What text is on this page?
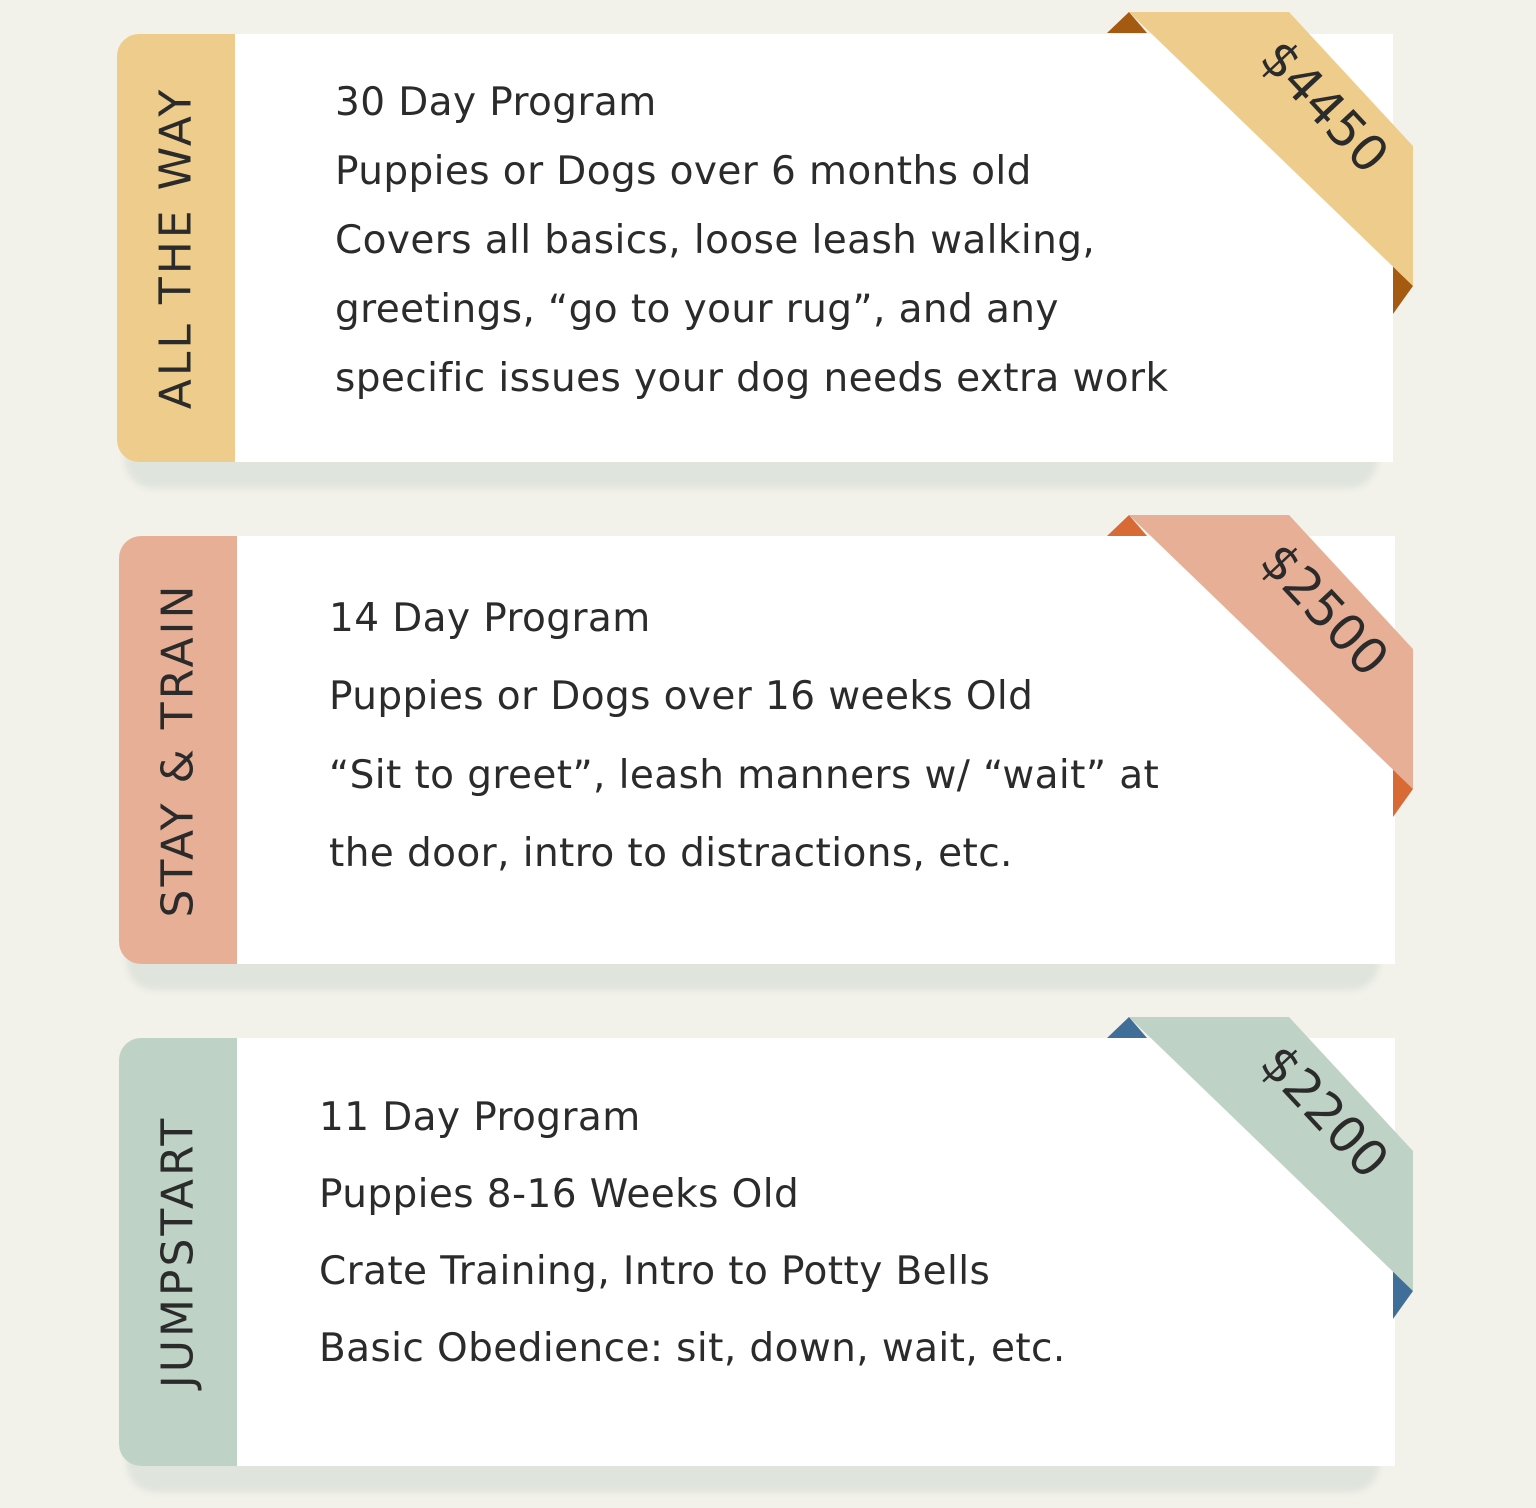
ALL THE WAY	30 Day Program
Puppies or Dogs over 6 months old
Covers all basics, loose leash walking,
greetings, “go to your rug”, and any
specific issues your dog needs extra work
$4450
STAY & TRAIN	14 Day Program
Puppies or Dogs over 16 weeks Old
“Sit to greet”, leash manners w/ “wait” at
the door, intro to distractions, etc.
$2500
JUMPSTART	11 Day Program
Puppies 8-16 Weeks Old
Crate Training, Intro to Potty Bells
Basic Obedience: sit, down, wait, etc.
$2200
